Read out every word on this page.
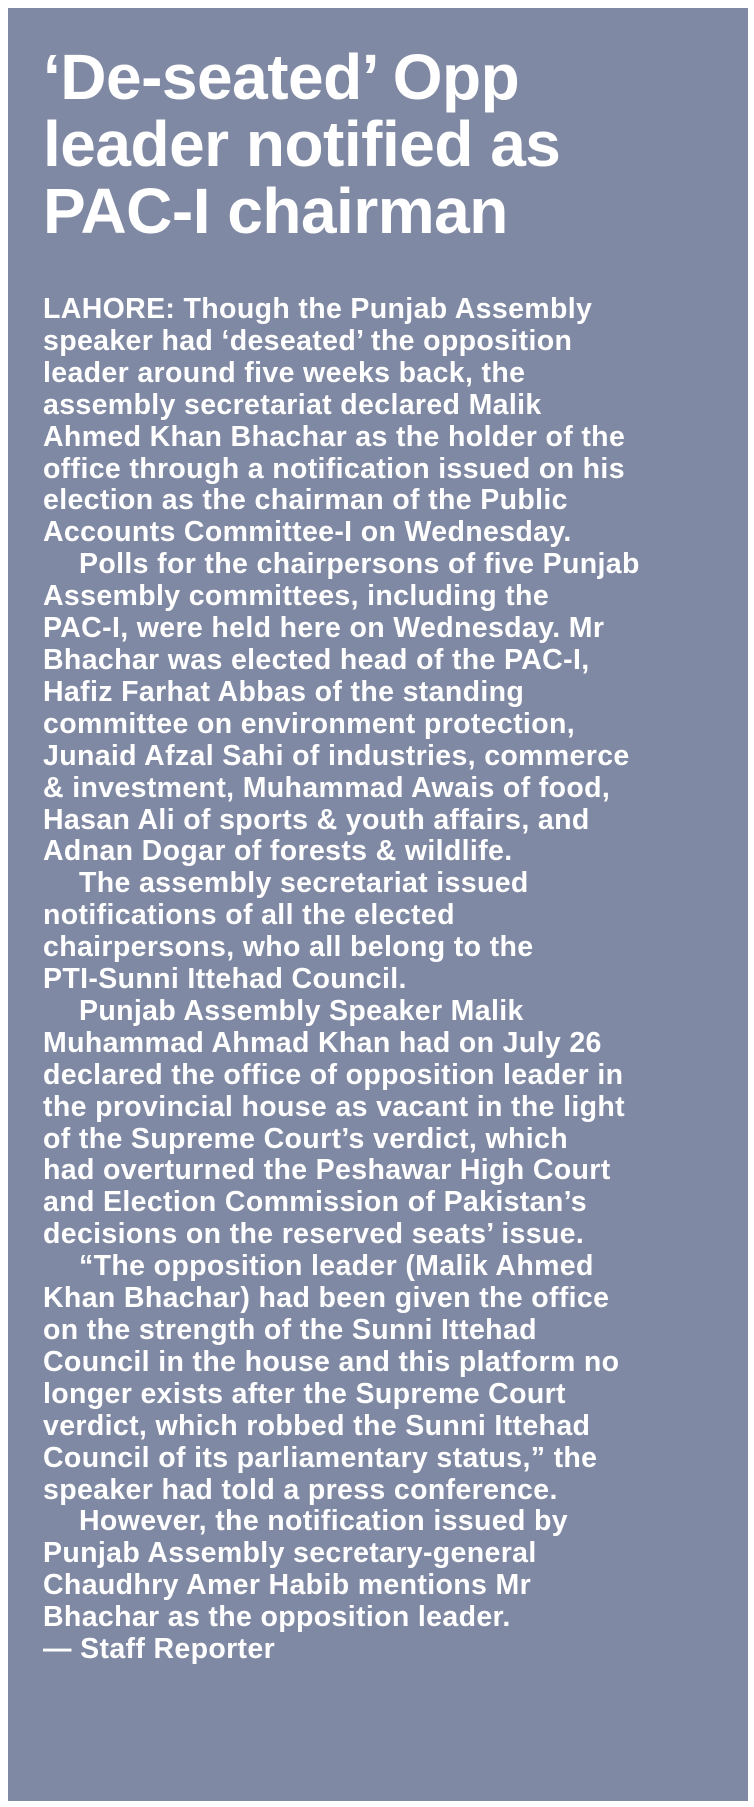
‘De-seated’ Opp
leader notified as
PAC-I chairman
LAHORE: Though the Punjab Assembly
speaker had ‘deseated’ the opposition
leader around five weeks back, the
assembly secretariat declared Malik
Ahmed Khan Bhachar as the holder of the
office through a notification issued on his
election as the chairman of the Public
Accounts Committee-I on Wednesday.
Polls for the chairpersons of five Punjab
Assembly committees, including the
PAC-I, were held here on Wednesday. Mr
Bhachar was elected head of the PAC-I,
Hafiz Farhat Abbas of the standing
committee on environment protection,
Junaid Afzal Sahi of industries, commerce
& investment, Muhammad Awais of food,
Hasan Ali of sports & youth affairs, and
Adnan Dogar of forests & wildlife.
The assembly secretariat issued
notifications of all the elected
chairpersons, who all belong to the
PTI-Sunni Ittehad Council.
Punjab Assembly Speaker Malik
Muhammad Ahmad Khan had on July 26
declared the office of opposition leader in
the provincial house as vacant in the light
of the Supreme Court’s verdict, which
had overturned the Peshawar High Court
and Election Commission of Pakistan’s
decisions on the reserved seats’ issue.
“The opposition leader (Malik Ahmed
Khan Bhachar) had been given the office
on the strength of the Sunni Ittehad
Council in the house and this platform no
longer exists after the Supreme Court
verdict, which robbed the Sunni Ittehad
Council of its parliamentary status,” the
speaker had told a press conference.
However, the notification issued by
Punjab Assembly secretary-general
Chaudhry Amer Habib mentions Mr
Bhachar as the opposition leader.
— Staff Reporter
